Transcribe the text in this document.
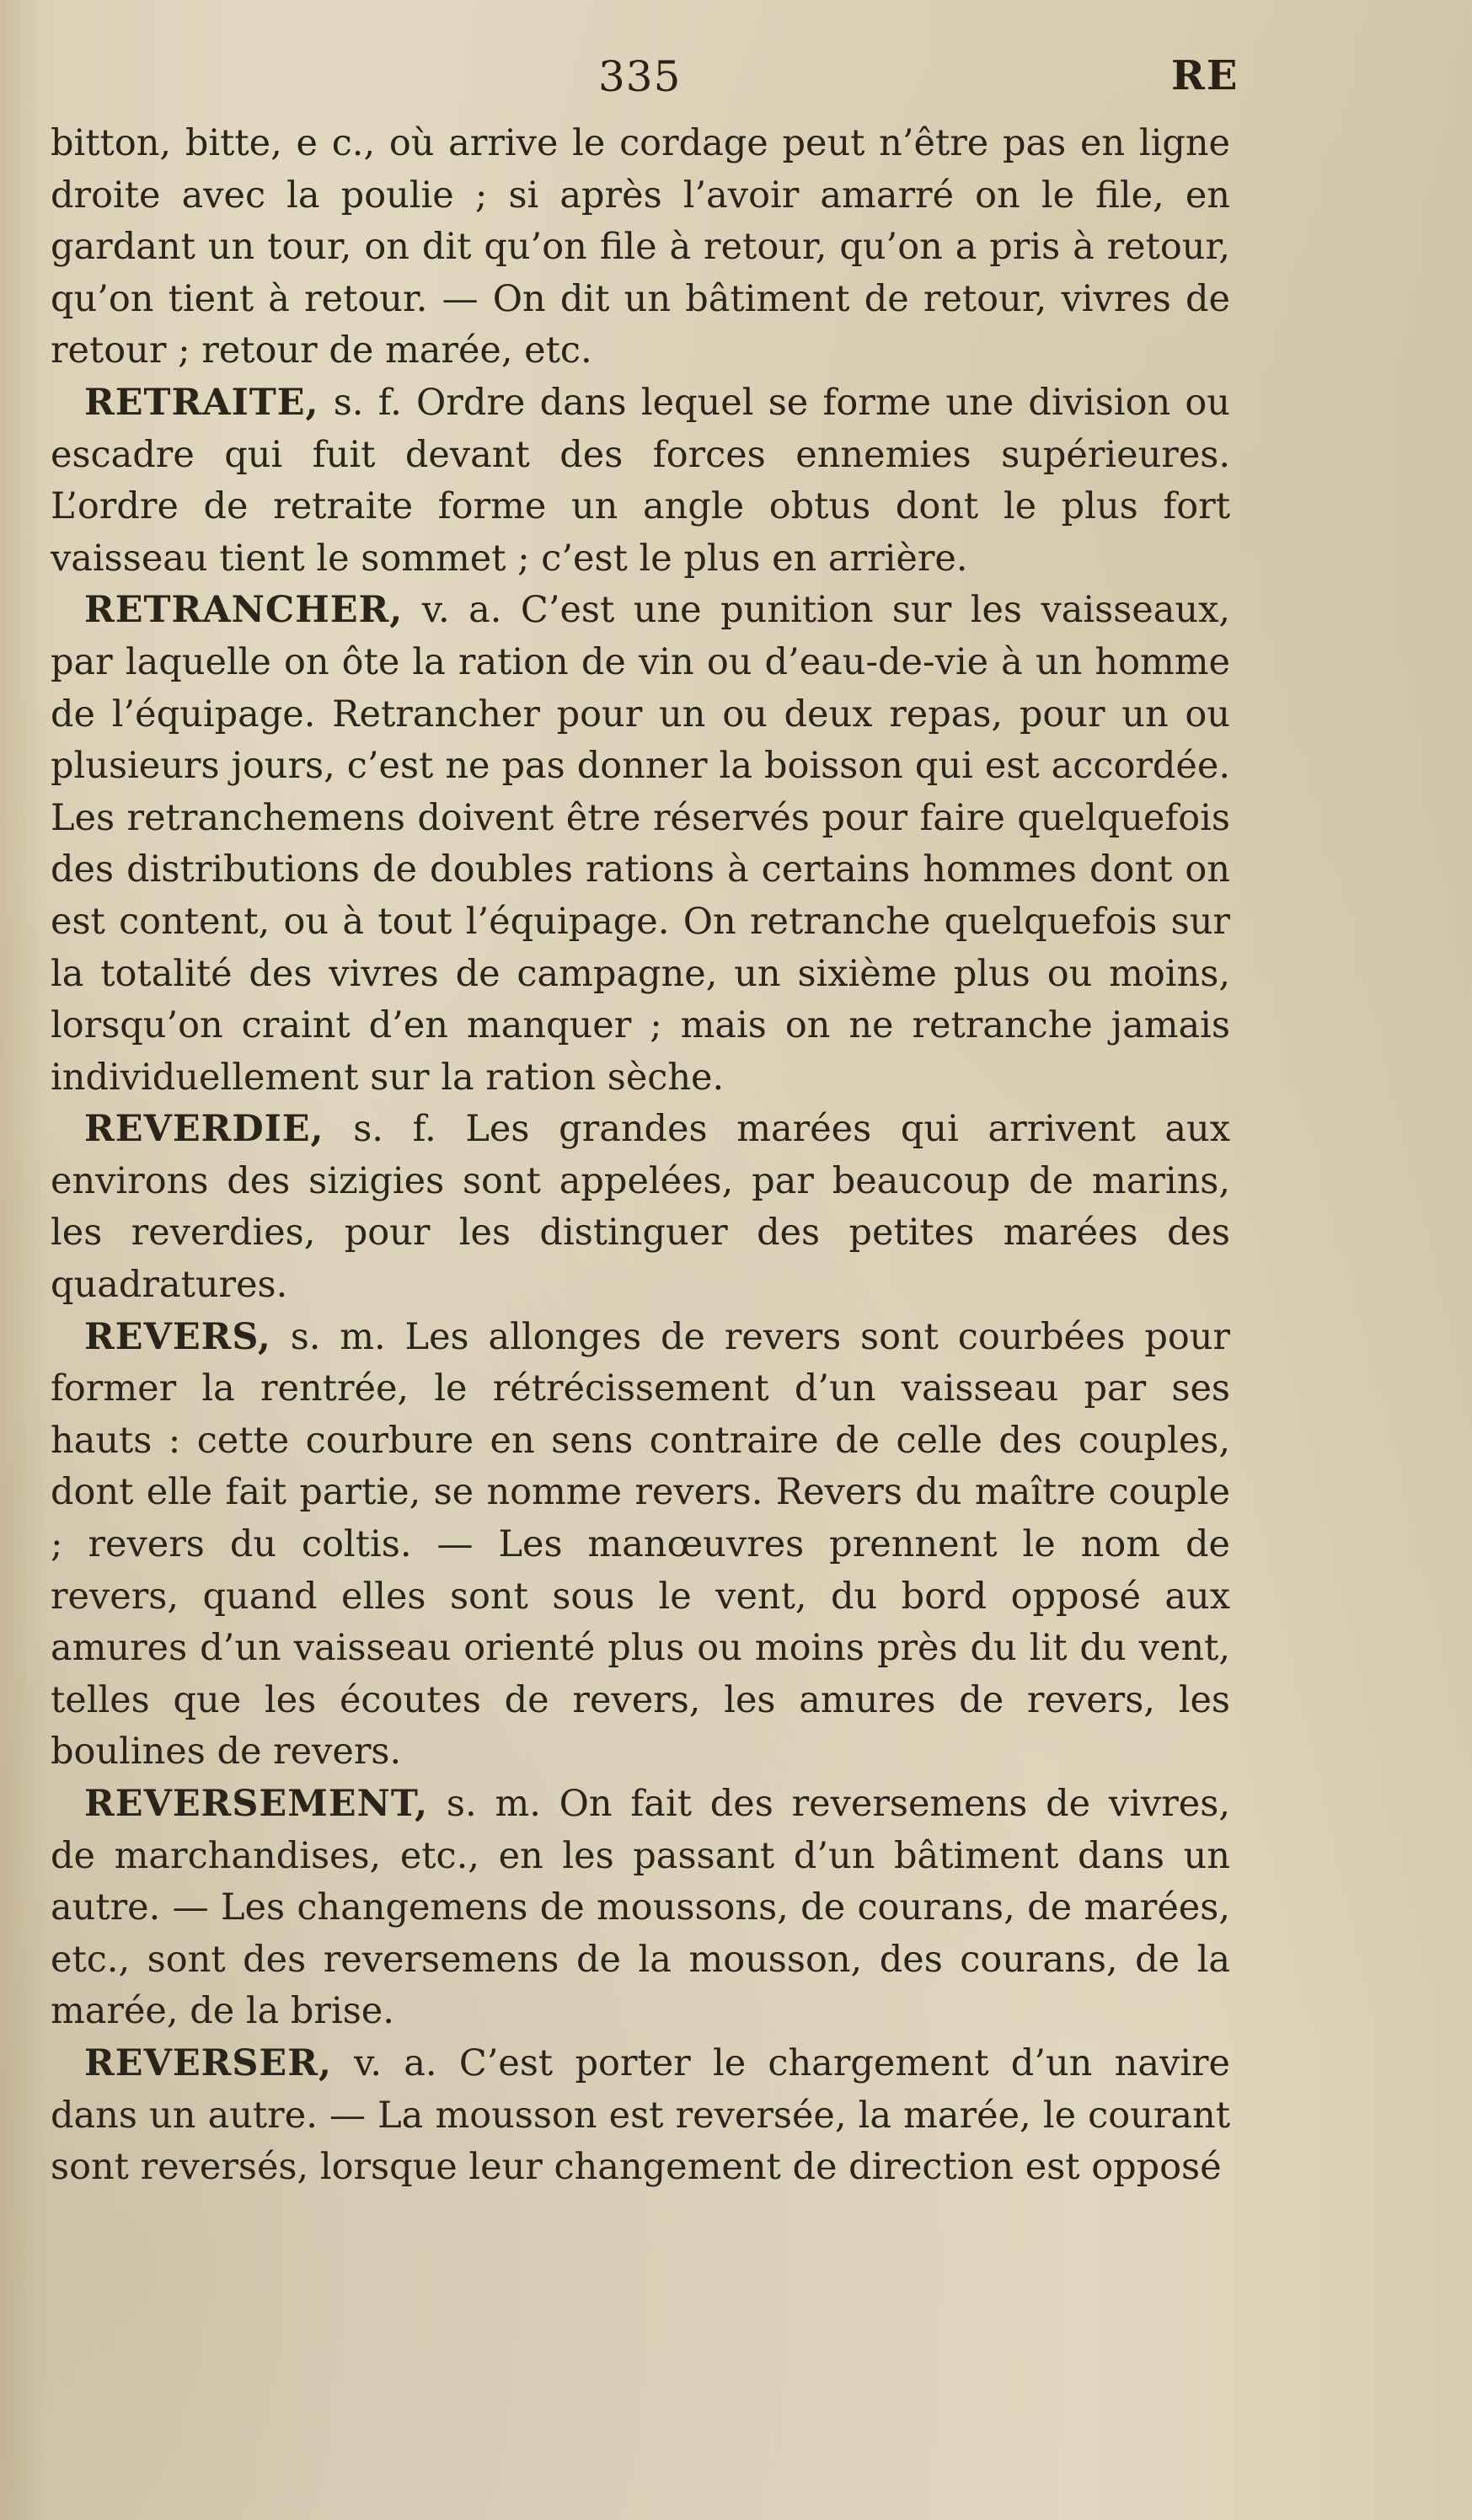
335	RE

bitton, bitte, e c., où arrive le cordage peut n’être pas en ligne droite avec la poulie ; si après l’avoir amarré on le file, en gardant un tour, on dit qu’on file à retour, qu’on a pris à retour, qu’on tient à retour. — On dit un bâtiment de retour, vivres de retour ; retour de marée, etc.

RETRAITE, s. f. Ordre dans lequel se forme une division ou escadre qui fuit devant des forces ennemies supérieures. L’ordre de retraite forme un angle obtus dont le plus fort vaisseau tient le sommet ; c’est le plus en arrière.

RETRANCHER, v. a. C’est une punition sur les vaisseaux, par laquelle on ôte la ration de vin ou d’eau-de-vie à un homme de l’équipage. Retrancher pour un ou deux repas, pour un ou plusieurs jours, c’est ne pas donner la boisson qui est accordée. Les retranchemens doivent être réservés pour faire quelquefois des distributions de doubles rations à certains hommes dont on est content, ou à tout l’équipage. On retranche quelquefois sur la totalité des vivres de campagne, un sixième plus ou moins, lorsqu’on craint d’en manquer ; mais on ne retranche jamais individuellement sur la ration sèche.

REVERDIE, s. f. Les grandes marées qui arrivent aux environs des sizigies sont appelées, par beaucoup de marins, les reverdies, pour les distinguer des petites marées des quadratures.

REVERS, s. m. Les allonges de revers sont courbées pour former la rentrée, le rétrécissement d’un vaisseau par ses hauts : cette courbure en sens contraire de celle des couples, dont elle fait partie, se nomme revers. Revers du maître couple ; revers du coltis. — Les manœuvres prennent le nom de revers, quand elles sont sous le vent, du bord opposé aux amures d’un vaisseau orienté plus ou moins près du lit du vent, telles que les écoutes de revers, les amures de revers, les boulines de revers.

REVERSEMENT, s. m. On fait des reversemens de vivres, de marchandises, etc., en les passant d’un bâtiment dans un autre. — Les changemens de moussons, de courans, de marées, etc., sont des reversemens de la mousson, des courans, de la marée, de la brise.

REVERSER, v. a. C’est porter le chargement d’un navire dans un autre. — La mousson est reversée, la marée, le courant sont reversés, lorsque leur changement de direction est opposé
